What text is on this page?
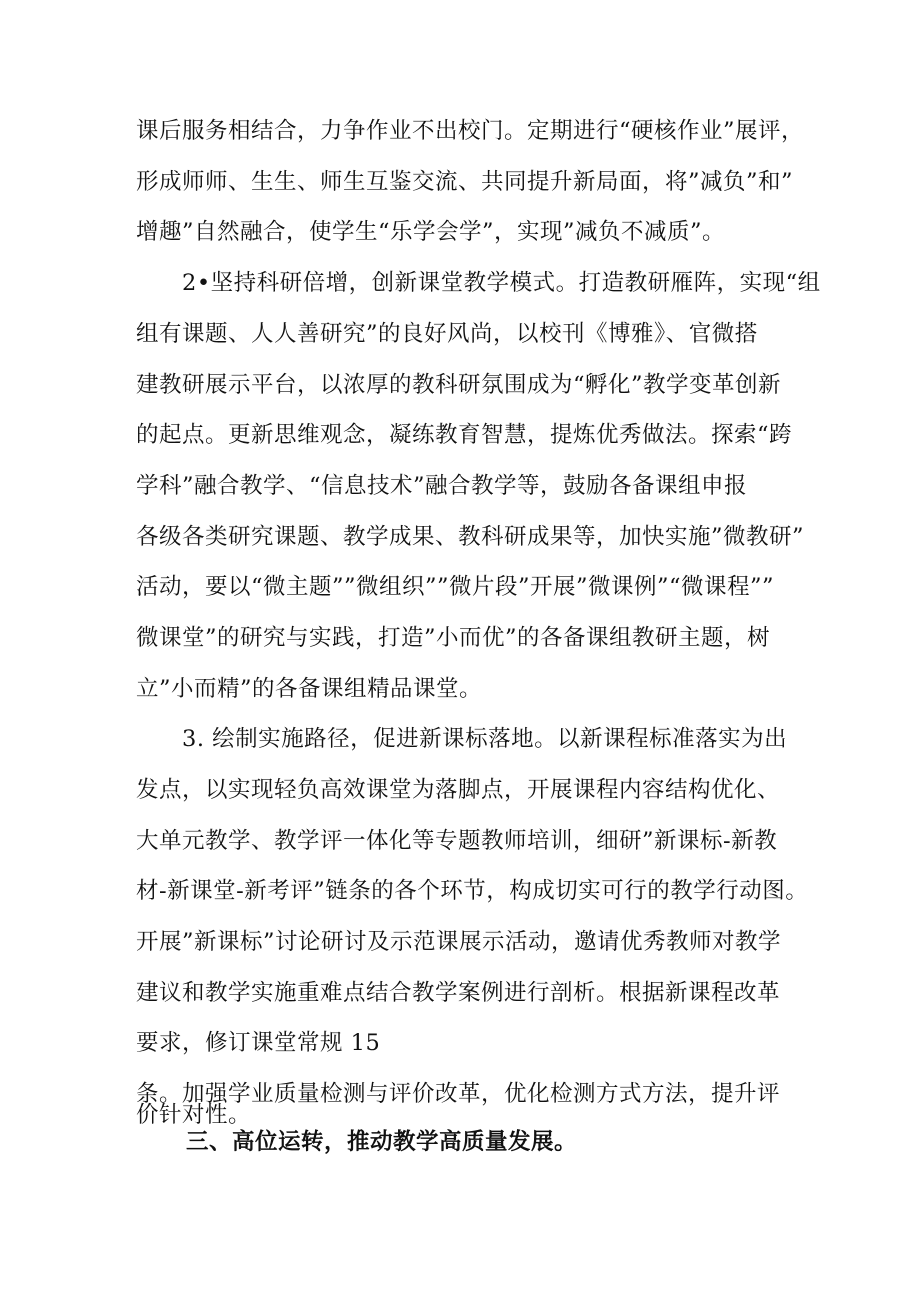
课后服务相结合，力争作业不出校门。定期进行“硬核作业”展评，
形成师师、生生、师生互鉴交流、共同提升新局面，将”减负”和”
增趣”自然融合，使学生“乐学会学”，实现”减负不减质”。
2•坚持科研倍增，创新课堂教学模式。打造教研雁阵，实现“组
组有课题、人人善研究”的良好风尚，以校刊《博雅》、官微搭
建教研展示平台，以浓厚的教科研氛围成为“孵化”教学变革创新
的起点。更新思维观念，凝练教育智慧，提炼优秀做法。探索“跨
学科”融合教学、“信息技术”融合教学等，鼓励各备课组申报
各级各类研究课题、教学成果、教科研成果等，加快实施”微教研”
活动，要以“微主题””微组织””微片段”开展”微课例”“微课程””
微课堂”的研究与实践，打造”小而优”的各备课组教研主题，树
立”小而精”的各备课组精品课堂。
3. 绘制实施路径，促进新课标落地。以新课程标准落实为出
发点，以实现轻负高效课堂为落脚点，开展课程内容结构优化、
大单元教学、教学评一体化等专题教师培训，细研”新课标-新教
材-新课堂-新考评”链条的各个环节，构成切实可行的教学行动图。
开展”新课标”讨论研讨及示范课展示活动，邀请优秀教师对教学
建议和教学实施重难点结合教学案例进行剖析。根据新课程改革
要求，修订课堂常规 15
条。加强学业质量检测与评价改革，优化检测方式方法，提升评
价针对性。
三、高位运转，推动教学高质量发展。
